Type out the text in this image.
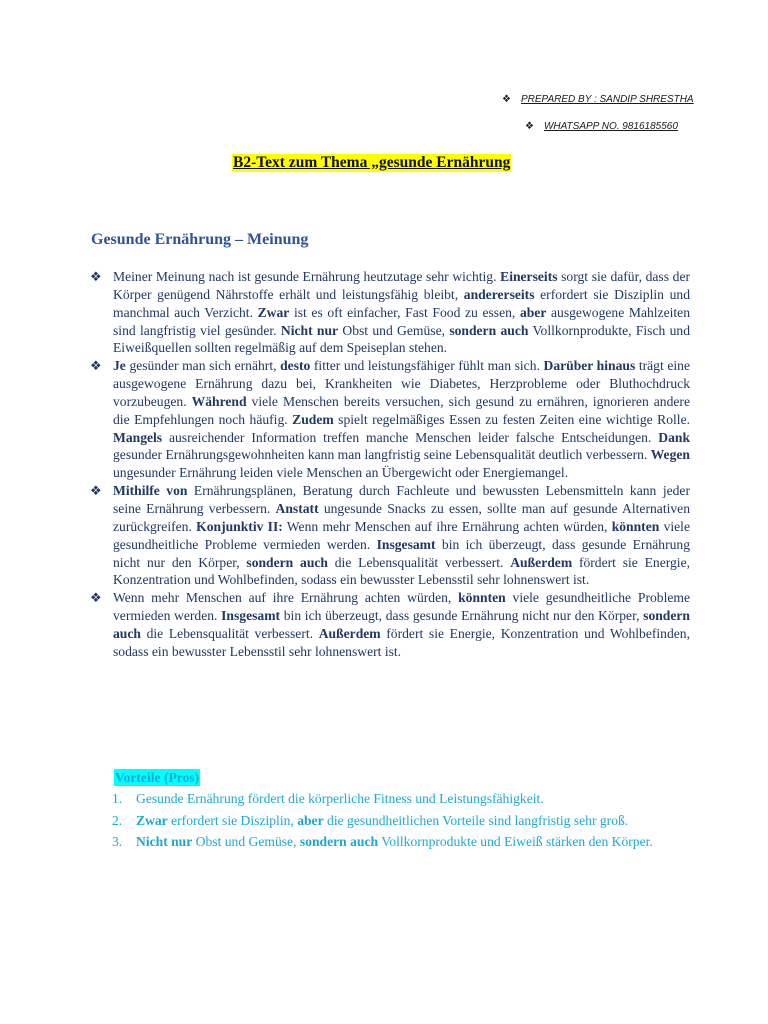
❖ PREPARED BY : SANDIP SHRESTHA
❖ WHATSAPP NO. 9816185560
B2-Text zum Thema „gesunde Ernährung
Gesunde Ernährung – Meinung
❖ Meiner Meinung nach ist gesunde Ernährung heutzutage sehr wichtig. Einerseits sorgt sie dafür, dass der Körper genügend Nährstoffe erhält und leistungsfähig bleibt, andererseits erfordert sie Disziplin und manchmal auch Verzicht. Zwar ist es oft einfacher, Fast Food zu essen, aber ausgewogene Mahlzeiten sind langfristig viel gesünder. Nicht nur Obst und Gemüse, sondern auch Vollkornprodukte, Fisch und Eiweißquellen sollten regelmäßig auf dem Speiseplan stehen.
❖ Je gesünder man sich ernährt, desto fitter und leistungsfähiger fühlt man sich. Darüber hinaus trägt eine ausgewogene Ernährung dazu bei, Krankheiten wie Diabetes, Herzprobleme oder Bluthochdruck vorzubeugen. Während viele Menschen bereits versuchen, sich gesund zu ernähren, ignorieren andere die Empfehlungen noch häufig. Zudem spielt regelmäßiges Essen zu festen Zeiten eine wichtige Rolle. Mangels ausreichender Information treffen manche Menschen leider falsche Entscheidungen. Dank gesunder Ernährungsgewohnheiten kann man langfristig seine Lebensqualität deutlich verbessern. Wegen ungesunder Ernährung leiden viele Menschen an Übergewicht oder Energiemangel.
❖ Mithilfe von Ernährungsplänen, Beratung durch Fachleute und bewussten Lebensmitteln kann jeder seine Ernährung verbessern. Anstatt ungesunde Snacks zu essen, sollte man auf gesunde Alternativen zurückgreifen. Konjunktiv II: Wenn mehr Menschen auf ihre Ernährung achten würden, könnten viele gesundheitliche Probleme vermieden werden. Insgesamt bin ich überzeugt, dass gesunde Ernährung nicht nur den Körper, sondern auch die Lebensqualität verbessert. Außerdem fördert sie Energie, Konzentration und Wohlbefinden, sodass ein bewusster Lebensstil sehr lohnenswert ist.
❖ Wenn mehr Menschen auf ihre Ernährung achten würden, könnten viele gesundheitliche Probleme vermieden werden. Insgesamt bin ich überzeugt, dass gesunde Ernährung nicht nur den Körper, sondern auch die Lebensqualität verbessert. Außerdem fördert sie Energie, Konzentration und Wohlbefinden, sodass ein bewusster Lebensstil sehr lohnenswert ist.
Vorteile (Pros)
1. Gesunde Ernährung fördert die körperliche Fitness und Leistungsfähigkeit.
2. Zwar erfordert sie Disziplin, aber die gesundheitlichen Vorteile sind langfristig sehr groß.
3. Nicht nur Obst und Gemüse, sondern auch Vollkornprodukte und Eiweiß stärken den Körper.
